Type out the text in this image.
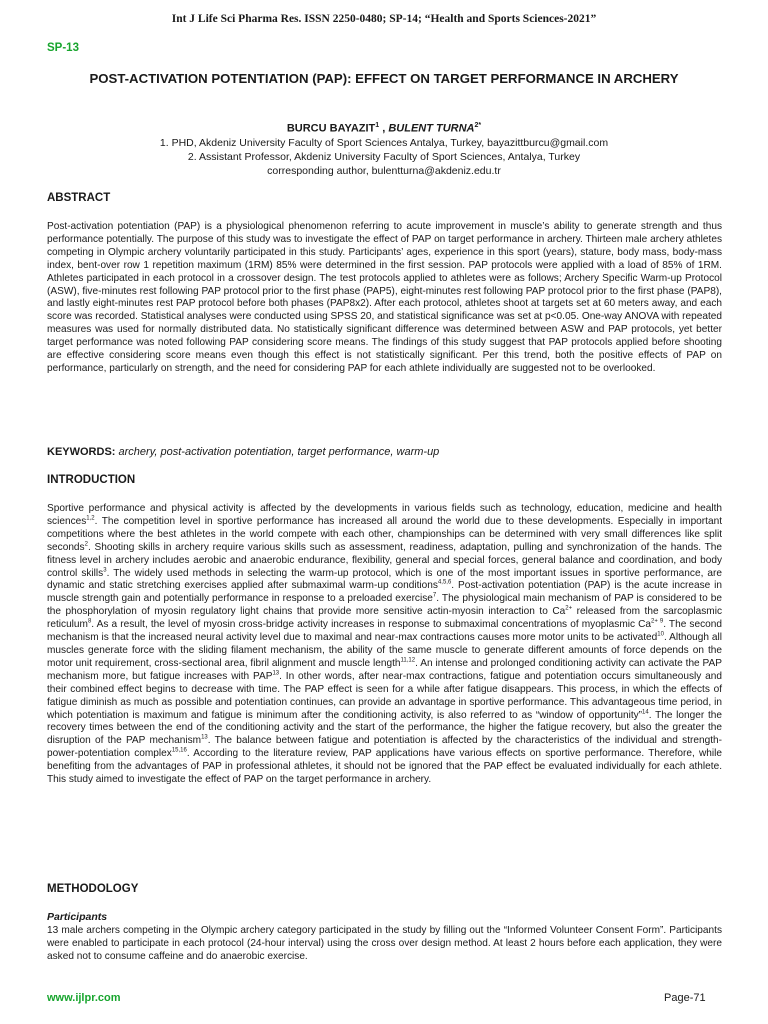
Int J Life Sci Pharma Res. ISSN 2250-0480; SP-14; “Health and Sports Sciences-2021”
SP-13
POST-ACTIVATION POTENTIATION (PAP): EFFECT ON TARGET PERFORMANCE IN ARCHERY
BURCU BAYAZIT$^1$ , BULENT $TURNA^{2*}$
1. PHD, Akdeniz University Faculty of Sport Sciences Antalya, Turkey, bayazittburcu@gmail.com
2. Assistant Professor, Akdeniz University Faculty of Sport Sciences, Antalya, Turkey
corresponding author, bulentturna@akdeniz.edu.tr
ABSTRACT

Post-activation potentiation (PAP) is a physiological phenomenon referring to acute improvement in muscle’s ability to generate strength and thus performance potentially. The purpose of this study was to investigate the effect of PAP on target performance in archery. Thirteen male archery athletes competing in Olympic archery voluntarily participated in this study. Participants’ ages, experience in this sport (years), stature, body mass, body-mass index, bent-over row 1 repetition maximum (1RM) 85% were determined in the first session. PAP protocols were applied with a load of 85% of 1RM. Athletes participated in each protocol in a crossover design. The test protocols applied to athletes were as follows; Archery Specific Warm-up Protocol (ASW), five-minutes rest following PAP protocol prior to the first phase (PAP5), eight-minutes rest following PAP protocol prior to the first phase (PAP8), and lastly eight-minutes rest PAP protocol before both phases (PAP8x2). After each protocol, athletes shoot at targets set at 60 meters away, and each score was recorded. Statistical analyses were conducted using SPSS 20, and statistical significance was set at p<0.05. One-way ANOVA with repeated measures was used for normally distributed data. No statistically significant difference was determined between ASW and PAP protocols, yet better target performance was noted following PAP considering score means. The findings of this study suggest that PAP protocols applied before shooting are effective considering score means even though this effect is not statistically significant. Per this trend, both the positive effects of PAP on performance, particularly on strength, and the need for considering PAP for each athlete individually are suggested not to be overlooked.

KEYWORDS: archery, post-activation potentiation, target performance, warm-up
INTRODUCTION

Sportive performance and physical activity is affected by the developments in various fields such as technology, education, medicine and health sciences$^{1,2}$. The competition level in sportive performance has increased all around the world due to these developments. Especially in important competitions where the best athletes in the world compete with each other, championships can be determined with very small differences like split seconds$^2$. Shooting skills in archery require various skills such as assessment, readiness, adaptation, pulling and synchronization of the hands. The fitness level in archery includes aerobic and anaerobic endurance, flexibility, general and special forces, general balance and coordination, and body control skills$^3$. The widely used methods in selecting the warm-up protocol, which is one of the most important issues in sportive performance, are dynamic and static stretching exercises applied after submaximal warm-up conditions$^{4,5,6}$. Post-activation potentiation (PAP) is the acute increase in muscle strength gain and potentially performance in response to a preloaded exercise$^7$. The physiological main mechanism of PAP is considered to be the phosphorylation of myosin regulatory light chains that provide more sensitive actin-myosin interaction to $Ca^{2+}$ released from the sarcoplasmic reticulum$^8$. As a result, the level of myosin cross-bridge activity increases in response to submaximal concentrations of myoplasmic $Ca^{2+ 9}$. The second mechanism is that the increased neural activity level due to maximal and near-max contractions causes more motor units to be activated$^{10}$. Although all muscles generate force with the sliding filament mechanism, the ability of the same muscle to generate different amounts of force depends on the motor unit requirement, cross-sectional area, fibril alignment and muscle length$^{11,12}$. An intense and prolonged conditioning activity can activate the PAP mechanism more, but fatigue increases with PAP$^{13}$. In other words, after near-max contractions, fatigue and potentiation occurs simultaneously and their combined effect begins to decrease with time. The PAP effect is seen for a while after fatigue disappears. This process, in which the effects of fatigue diminish as much as possible and potentiation continues, can provide an advantage in sportive performance. This advantageous time period, in which potentiation is maximum and fatigue is minimum after the conditioning activity, is also referred to as “window of opportunity”$^{14}$. The longer the recovery times between the end of the conditioning activity and the start of the performance, the higher the fatigue recovery, but also the greater the disruption of the PAP mechanism$^{13}$. The balance between fatigue and potentiation is affected by the characteristics of the individual and strength-power-potentiation complex$^{15,16}$. According to the literature review, PAP applications have various effects on sportive performance. Therefore, while benefiting from the advantages of PAP in professional athletes, it should not be ignored that the PAP effect be evaluated individually for each athlete. This study aimed to investigate the effect of PAP on the target performance in archery.

METHODOLOGY
Participants

13 male archers competing in the Olympic archery category participated in the study by filling out the “Informed Volunteer Consent Form”. Participants were enabled to participate in each protocol (24-hour interval) using the cross over design method. At least 2 hours before each application, they were asked not to consume caffeine and do anaerobic exercise.

www.ijlpr.com	Page-71
